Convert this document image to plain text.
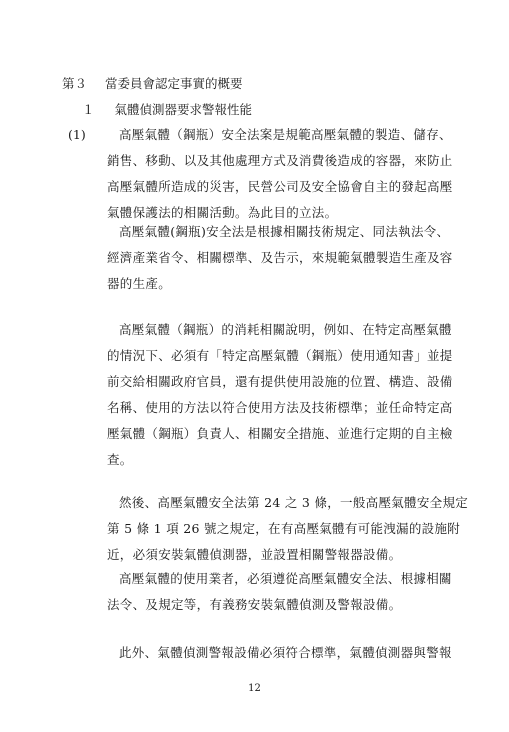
第３ 當委員會認定事實的概要
１ 氣體偵測器要求警報性能
(1)	高壓氣體（鋼瓶）安全法案是規範高壓氣體的製造、儲存、
銷售、移動、以及其他處理方式及消費後造成的容器，來防止
高壓氣體所造成的災害，民營公司及安全協會自主的發起高壓
氣體保護法的相關活動。為此目的立法。
高壓氣體(鋼瓶)安全法是根據相關技術規定、同法執法令、
經濟產業省令、相關標準、及告示，來規範氣體製造生產及容
器的生產。
高壓氣體（鋼瓶）的消耗相關說明，例如、在特定高壓氣體
的情況下、必須有「特定高壓氣體（鋼瓶）使用通知書」並提
前交給相關政府官員，還有提供使用設施的位置、構造、設備
名稱、使用的方法以符合使用方法及技術標準；並任命特定高
壓氣體（鋼瓶）負責人、相關安全措施、並進行定期的自主檢
查。
然後、高壓氣體安全法第 24 之 3 條，一般高壓氣體安全規定
第 5 條 1 項 26 號之規定，在有高壓氣體有可能洩漏的設施附
近，必須安裝氣體偵測器，並設置相關警報器設備。
高壓氣體的使用業者，必須遵從高壓氣體安全法、根據相關
法令、及規定等，有義務安裝氣體偵測及警報設備。
此外、氣體偵測警報設備必須符合標準，氣體偵測器與警報
12
